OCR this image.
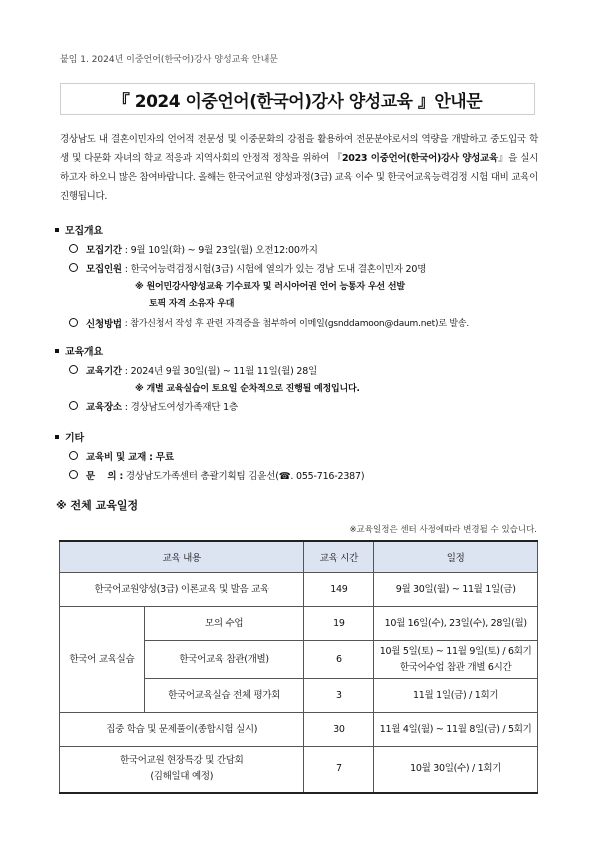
붙임 1. 2024년 이중언어(한국어)강사 양성교육 안내문
『 2024 이중언어(한국어)강사 양성교육 』안내문
경상남도 내 결혼이민자의 언어적 전문성 및 이중문화의 강점을 활용하여 전문분야로서의 역량을 개발하고 중도입국 학생 및 다문화 자녀의 학교 적응과 지역사회의 안정적 정착을 위하여 『2023 이중언어(한국어)강사 양성교육』을 실시하고자 하오니 많은 참여바랍니다. 올해는 한국어교원 양성과정(3급) 교육 이수 및 한국어교육능력검정 시험 대비 교육이 진행됩니다.
모집개요
모집기간
: 9월 10일(화) ~ 9월 23일(월) 오전12:00까지
모집인원
: 한국어능력검정시험(3급) 시험에 열의가 있는 경남 도내 결혼이민자 20명
※ 원어민강사양성교육 기수료자 및 러시아어권 언어 능통자 우선 선발
토픽 자격 소유자 우대
신청방법
: 참가신청서 작성 후 관련 자격증을 첨부하여 이메일(gsnddamoon@daum.net)로 발송.
교육개요
교육기간
: 2024년 9월 30일(월) ~ 11월 11일(월) 28일
※ 개별 교육실습이 토요일 순차적으로 진행될 예정입니다.
교육장소
: 경상남도여성가족재단 1층
기타
교육비 및 교재 : 무료
문    의 :
경상남도가족센터 총괄기획팀 김윤선(☎. 055-716-2387)
※ 전체 교육일정
※교육일정은 센터 사정에따라 변경될 수 있습니다.
교육 내용		교육 시간	일정
한국어교원양성(3급) 이론교육 및 발음 교육		149	9월 30일(월) ~ 11월 1일(금)
한국어 교육실습	모의 수업	19	10월 16일(수), 23일(수), 28일(월)
	한국어교육 참관(개별)	6	10월 5일(토) ~ 11월 9일(토) / 6회기
한국어수업 참관 개별 6시간

	한국어교육실습 전체 평가회	3	11월 1일(금) / 1회기
집중 학습 및 문제풀이(종합시험 실시)		30	11월 4일(월) ~ 11월 8일(금) / 5회기

한국어교원 현장특강 및 간담회
(김해일대 예정)		7	10월 30일(수) / 1회기
